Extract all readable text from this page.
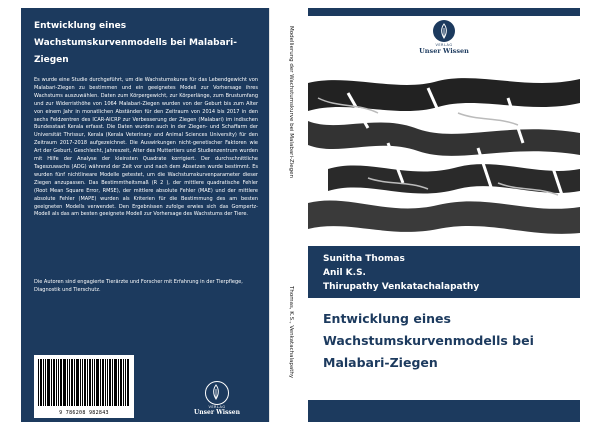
Entwicklung eines Wachstumskurvenmodells bei Malabari-Ziegen
Es wurde eine Studie durchgeführt, um die Wachstumskurve für das Lebendgewicht von Malabari-Ziegen zu bestimmen und ein geeignetes Modell zur Vorhersage ihres Wachstums auszuwählen. Daten zum Körpergewicht, zur Körperlänge, zum Brustumfang und zur Widerristhöhe von 1064 Malabari-Ziegen wurden von der Geburt bis zum Alter von einem Jahr in monatlichen Abständen für den Zeitraum von 2014 bis 2017 in den sechs Feldzentren des ICAR-AICRP zur Verbesserung der Ziegen (Malabari) im indischen Bundesstaat Kerala erfasst. Die Daten wurden auch in der Ziegen- und Schaffarm der Universität Thrissur, Kerala (Kerala Veterinary and Animal Sciences University) für den Zeitraum 2017-2018 aufgezeichnet. Die Auswirkungen nicht-genetischer Faktoren wie Art der Geburt, Geschlecht, Jahreszeit, Alter des Muttertiers und Studienzentrum wurden mit Hilfe der Analyse der kleinsten Quadrate korrigiert. Der durchschnittliche Tageszuwachs (ADG) während der Zeit vor und nach dem Absetzen wurde bestimmt. Es wurden fünf nichtlineare Modelle getestet, um die Wachstumskurvenparameter dieser Ziegen anzupassen. Das Bestimmtheitsmaß (R 2 ), der mittlere quadratische Fehler (Root Mean Square Error, RMSE), der mittlere absolute Fehler (MAE) und der mittlere absolute Fehler (MAPE) wurden als Kriterien für die Bestimmung des am besten geeigneten Modells verwendet. Den Ergebnissen zufolge erwies sich das Gompertz-Modell als das am besten geeignete Modell zur Vorhersage des Wachstums der Tiere.
Die Autoren sind engagierte Tierärzte und Forscher mit Erfahrung in der Tierpflege, Diagnostik und Tierschutz.
9 786208 982843
VERLAG
Unser Wissen
Modellierung der Wachstumskurve bei Malabari-Ziegen
Thomas, K.S., Venkatachalapathy
VERLAG
Unser Wissen
Sunitha Thomas
Anil K.S.
Thirupathy Venkatachalapathy
Entwicklung eines Wachstumskurvenmodells bei Malabari-Ziegen
